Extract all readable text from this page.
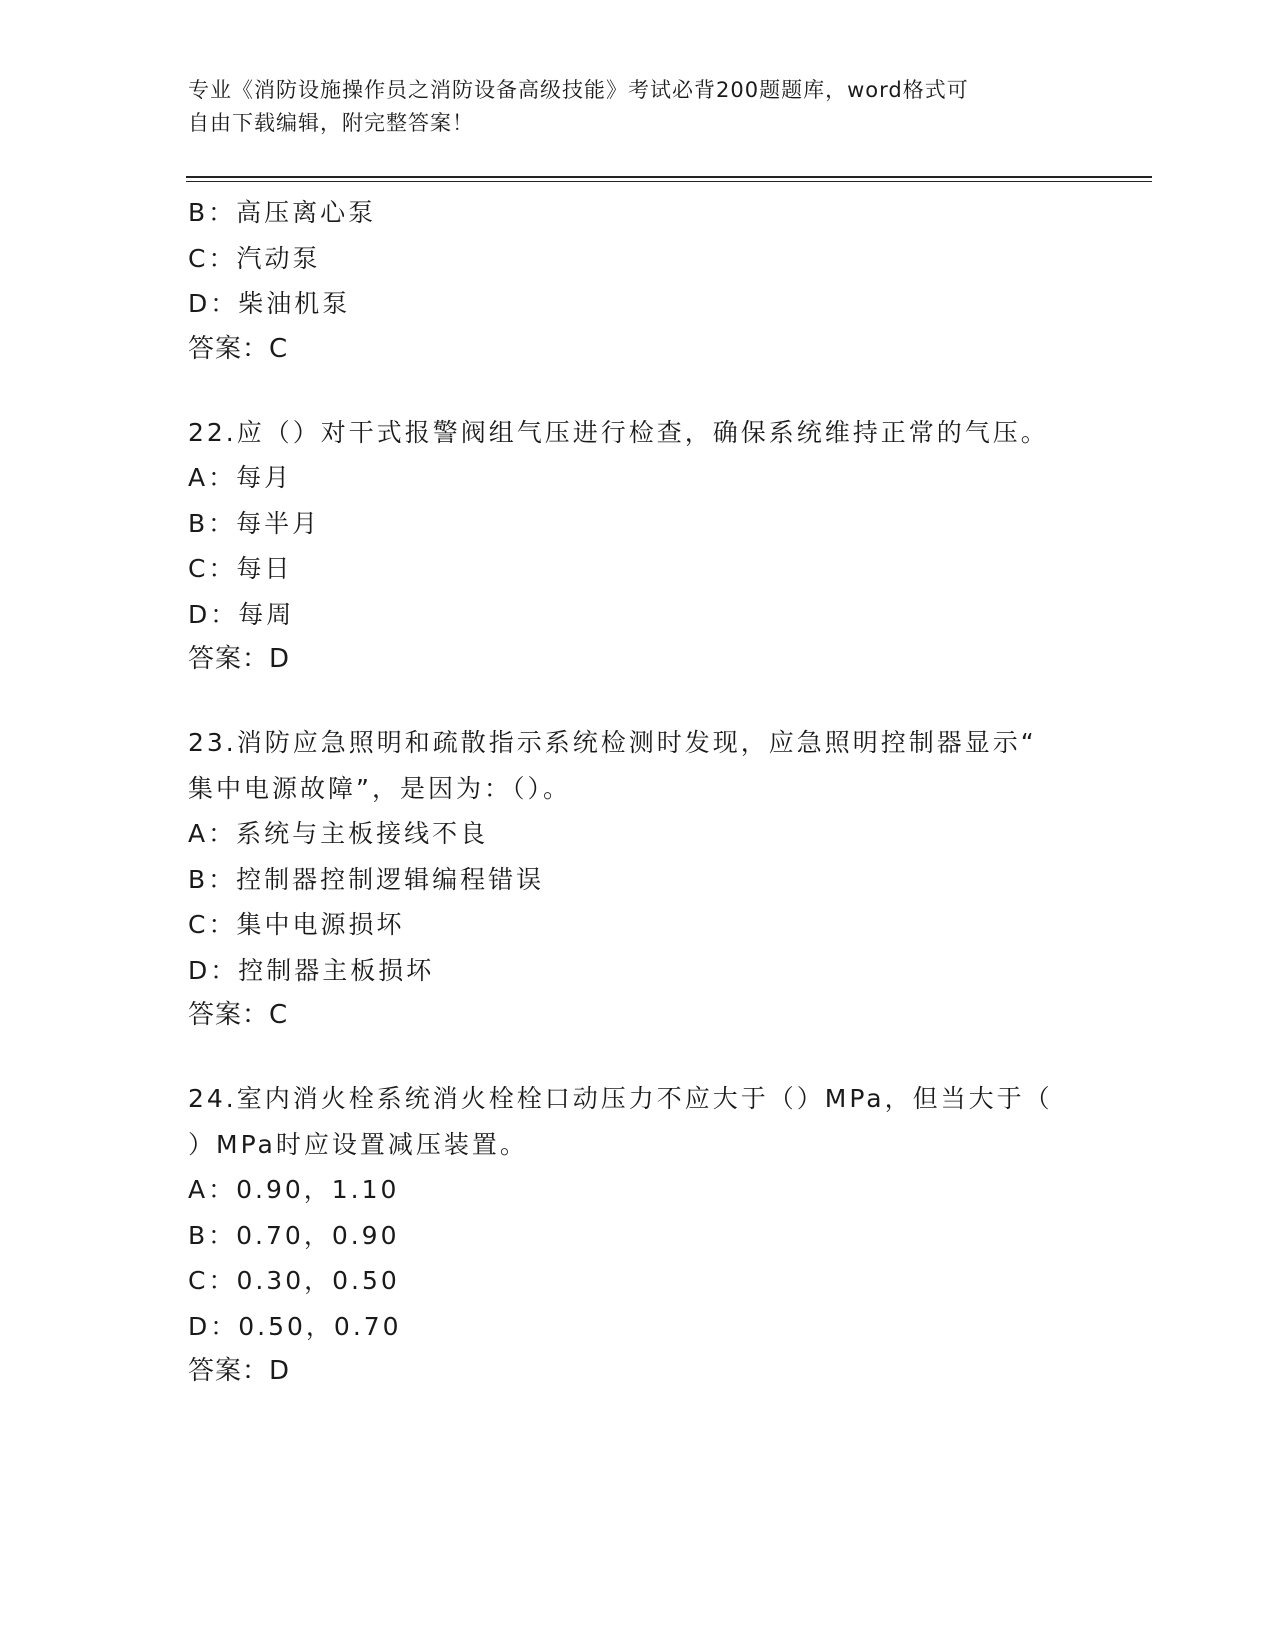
专业《消防设施操作员之消防设备高级技能》考试必背200题题库，word格式可
自由下载编辑，附完整答案！

B：高压离心泵

C：汽动泵

D：柴油机泵

答案：C

22.应（）对干式报警阀组气压进行检查，确保系统维持正常的气压。

A：每月

B：每半月

C：每日

D：每周

答案：D

23.消防应急照明和疏散指示系统检测时发现，应急照明控制器显示“

集中电源故障”，是因为：（）。

A：系统与主板接线不良

B：控制器控制逻辑编程错误

C：集中电源损坏

D：控制器主板损坏

答案：C

24.室内消火栓系统消火栓栓口动压力不应大于（）MPa，但当大于（

）MPa时应设置减压装置。

A：0.90，1.10

B：0.70，0.90

C：0.30，0.50

D：0.50，0.70

答案：D
